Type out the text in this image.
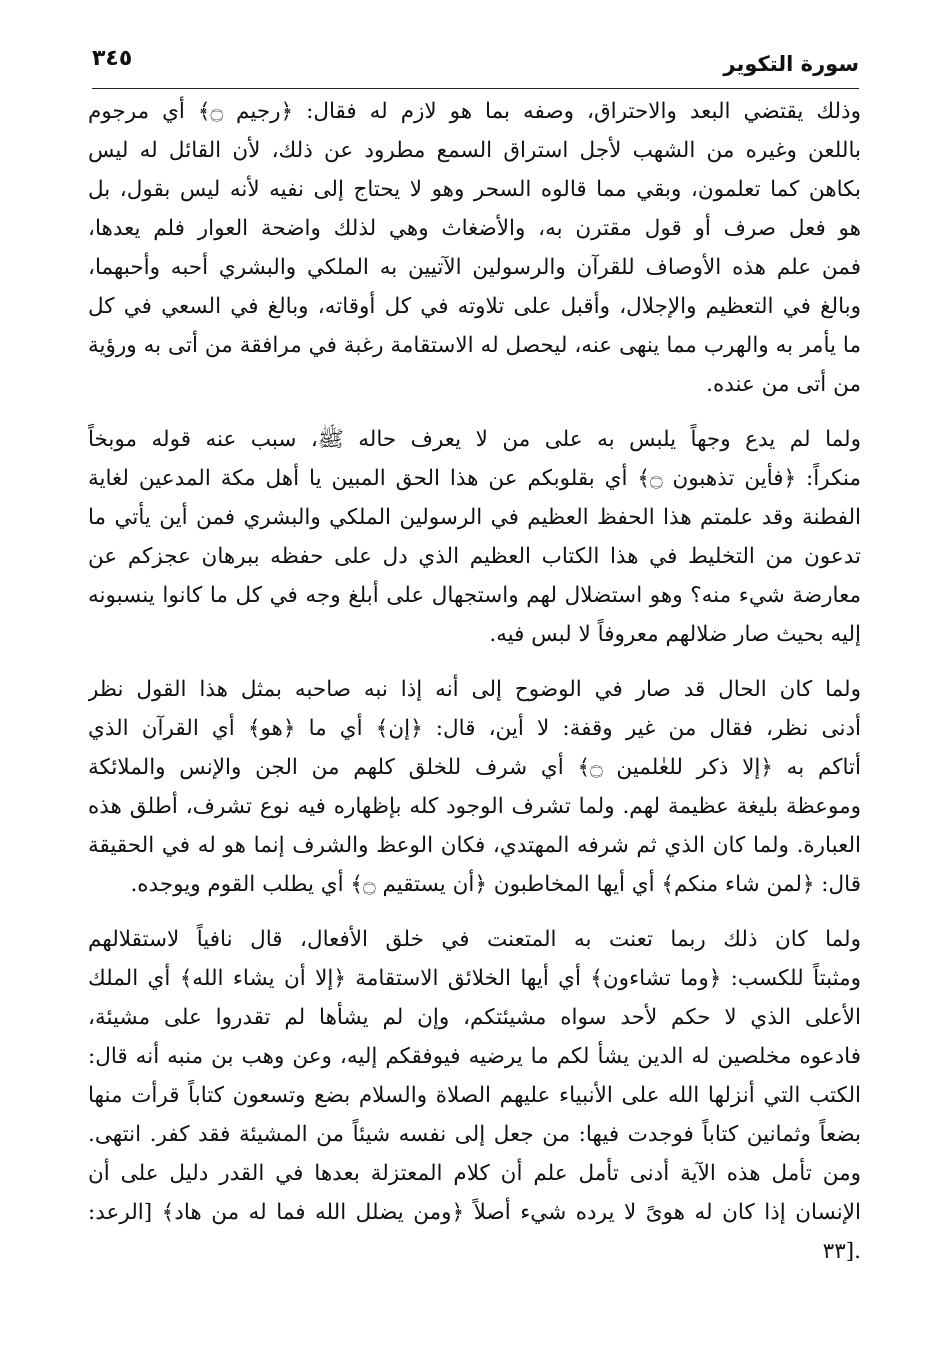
سورة التكوير
٣٤٥
وذلك يقتضي البعد والاحتراق، وصفه بما هو لازم له فقال: ﴿رجيم ۝﴾ أي مرجوم
باللعن وغيره من الشهب لأجل استراق السمع مطرود عن ذلك، لأن القائل له ليس
بكاهن كما تعلمون، وبقي مما قالوه السحر وهو لا يحتاج إلى نفيه لأنه ليس بقول، بل
هو فعل صرف أو قول مقترن به، والأضغاث وهي لذلك واضحة العوار فلم يعدها،
فمن علم هذه الأوصاف للقرآن والرسولين الآتيين به الملكي والبشري أحبه وأحبهما،
وبالغ في التعظيم والإجلال، وأقبل على تلاوته في كل أوقاته، وبالغ في السعي في كل
ما يأمر به والهرب مما ينهى عنه، ليحصل له الاستقامة رغبة في مرافقة من أتى به ورؤية
من أتى من عنده.
ولما لم يدع وجهاً يلبس به على من لا يعرف حاله ﷺ، سبب عنه قوله موبخاً
منكراً: ﴿فأين تذهبون ۝﴾ أي بقلوبكم عن هذا الحق المبين يا أهل مكة المدعين لغاية
الفطنة وقد علمتم هذا الحفظ العظيم في الرسولين الملكي والبشري فمن أين يأتي ما
تدعون من التخليط في هذا الكتاب العظيم الذي دل على حفظه ببرهان عجزكم عن
معارضة شيء منه؟ وهو استضلال لهم واستجهال على أبلغ وجه في كل ما كانوا ينسبونه
إليه بحيث صار ضلالهم معروفاً لا لبس فيه.
ولما كان الحال قد صار في الوضوح إلى أنه إذا نبه صاحبه بمثل هذا القول نظر
أدنى نظر، فقال من غير وقفة: لا أين، قال: ﴿إن﴾ أي ما ﴿هو﴾ أي القرآن الذي
أتاكم به ﴿إلا ذكر للعٰلمين ۝﴾ أي شرف للخلق كلهم من الجن والإنس والملائكة
وموعظة بليغة عظيمة لهم. ولما تشرف الوجود كله بإظهاره فيه نوع تشرف، أطلق هذه
العبارة. ولما كان الذي ثم شرفه المهتدي، فكان الوعظ والشرف إنما هو له في الحقيقة
قال: ﴿لمن شاء منكم﴾ أي أيها المخاطبون ﴿أن يستقيم ۝﴾ أي يطلب القوم ويوجده.
ولما كان ذلك ربما تعنت به المتعنت في خلق الأفعال، قال نافياً لاستقلالهم
ومثبتاً للكسب: ﴿وما تشاءون﴾ أي أيها الخلائق الاستقامة ﴿إلا أن يشاء الله﴾ أي الملك
الأعلى الذي لا حكم لأحد سواه مشيئتكم، وإن لم يشأها لم تقدروا على مشيئة،
فادعوه مخلصين له الدين يشأ لكم ما يرضيه فيوفقكم إليه، وعن وهب بن منبه أنه قال:
الكتب التي أنزلها الله على الأنبياء عليهم الصلاة والسلام بضع وتسعون كتاباً قرأت منها
بضعاً وثمانين كتاباً فوجدت فيها: من جعل إلى نفسه شيئاً من المشيئة فقد كفر. انتهى.
ومن تأمل هذه الآية أدنى تأمل علم أن كلام المعتزلة بعدها في القدر دليل على أن
الإنسان إذا كان له هوىً لا يرده شيء أصلاً ﴿ومن يضلل الله فما له من هاد﴾ [الرعد:
.[٣٣
